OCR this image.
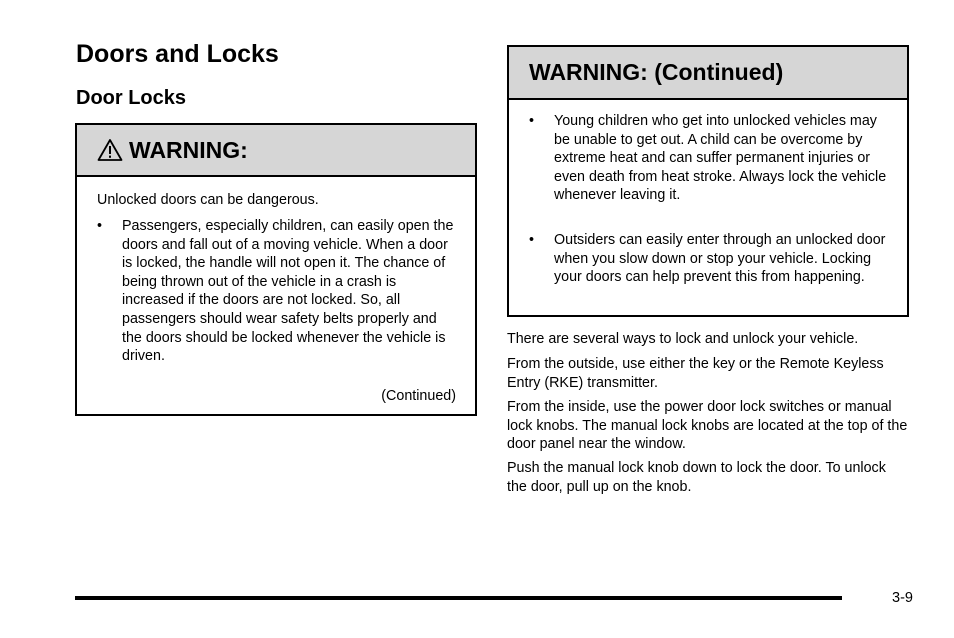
Doors and Locks
Door Locks
WARNING:

Unlocked doors can be dangerous.

• Passengers, especially children, can easily open the doors and fall out of a moving vehicle. When a door is locked, the handle will not open it. The chance of being thrown out of the vehicle in a crash is increased if the doors are not locked. So, all passengers should wear safety belts properly and the doors should be locked whenever the vehicle is driven.

(Continued)

WARNING: (Continued)

• Young children who get into unlocked vehicles may be unable to get out. A child can be overcome by extreme heat and can suffer permanent injuries or even death from heat stroke. Always lock the vehicle whenever leaving it.

• Outsiders can easily enter through an unlocked door when you slow down or stop your vehicle. Locking your doors can help prevent this from happening.

There are several ways to lock and unlock your vehicle.

From the outside, use either the key or the Remote Keyless Entry (RKE) transmitter.

From the inside, use the power door lock switches or manual lock knobs. The manual lock knobs are located at the top of the door panel near the window.

Push the manual lock knob down to lock the door. To unlock the door, pull up on the knob.

3-9
